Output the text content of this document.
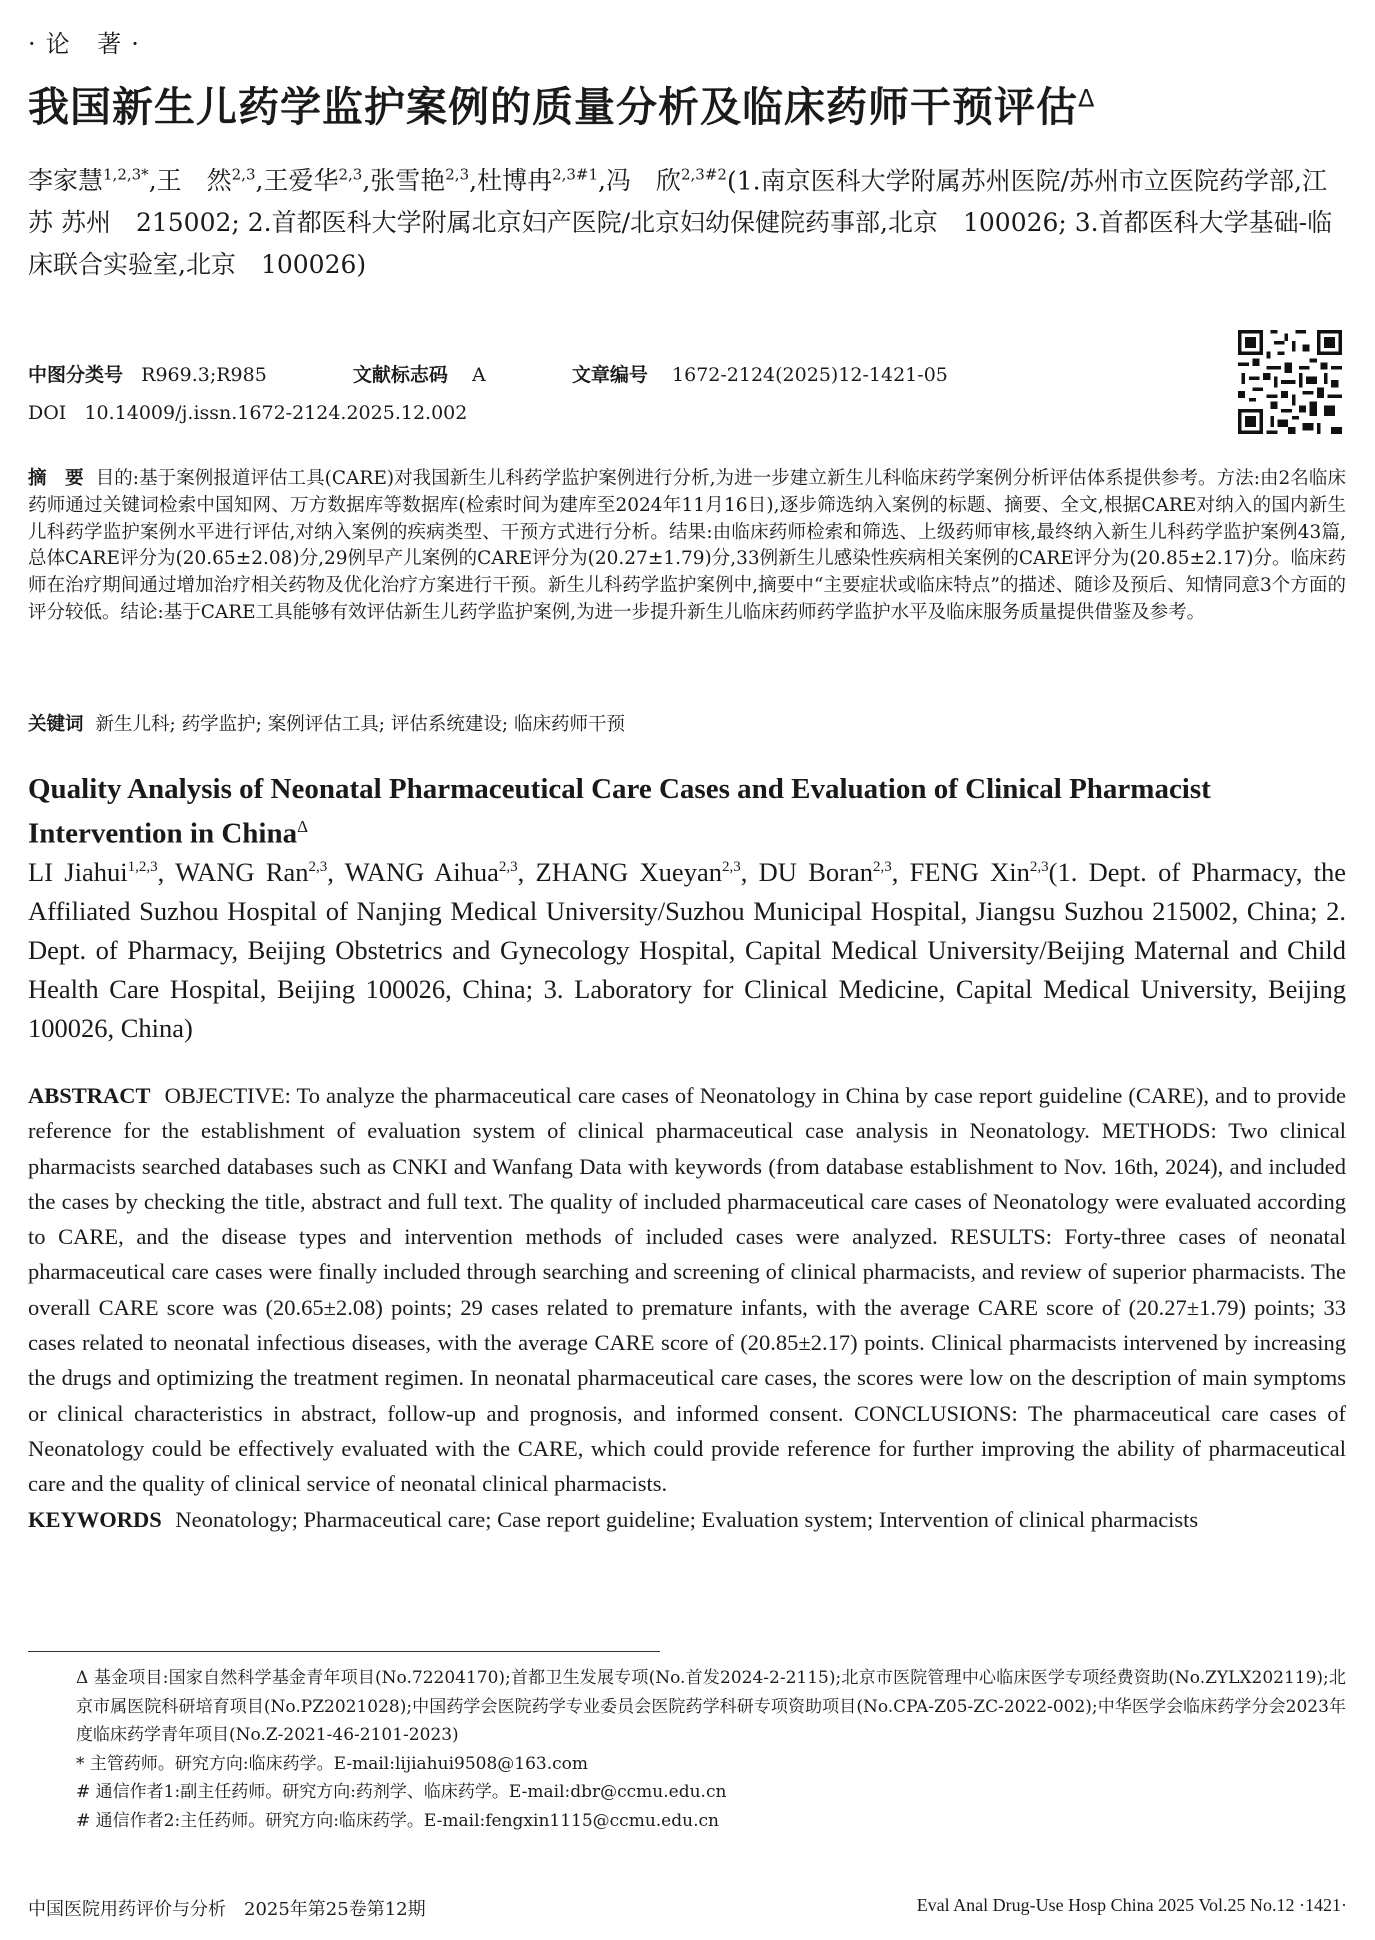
·论 著·
我国新生儿药学监护案例的质量分析及临床药师干预评估$^\Delta$
李家慧$^{1,2,3*}$,王　然$^{2,3}$,王爱华$^{2,3}$,张雪艳$^{2,3}$,杜博冉$^{2,3\#1}$,冯　欣$^{2,3\#2}$(1.南京医科大学附属苏州医院/苏州市立医院药学部,江苏 苏州　215002; 2.首都医科大学附属北京妇产医院/北京妇幼保健院药事部,北京　100026; 3.首都医科大学基础-临床联合实验室,北京　100026)
中图分类号 R969.3;R985	文献标志码 A	文章编号 1672-2124(2025)12-1421-05
DOI 10.14009/j.issn.1672-2124.2025.12.002
摘　要 目的:基于案例报道评估工具(CARE)对我国新生儿科药学监护案例进行分析,为进一步建立新生儿科临床药学案例分析评估体系提供参考。方法:由2名临床药师通过关键词检索中国知网、万方数据库等数据库(检索时间为建库至2024年11月16日),逐步筛选纳入案例的标题、摘要、全文,根据CARE对纳入的国内新生儿科药学监护案例水平进行评估,对纳入案例的疾病类型、干预方式进行分析。结果:由临床药师检索和筛选、上级药师审核,最终纳入新生儿科药学监护案例43篇,总体CARE评分为(20.65±2.08)分,29例早产儿案例的CARE评分为(20.27±1.79)分,33例新生儿感染性疾病相关案例的CARE评分为(20.85±2.17)分。临床药师在治疗期间通过增加治疗相关药物及优化治疗方案进行干预。新生儿科药学监护案例中,摘要中“主要症状或临床特点”的描述、随诊及预后、知情同意3个方面的评分较低。结论:基于CARE工具能够有效评估新生儿药学监护案例,为进一步提升新生儿临床药师药学监护水平及临床服务质量提供借鉴及参考。
关键词 新生儿科; 药学监护; 案例评估工具; 评估系统建设; 临床药师干预
Quality Analysis of Neonatal Pharmaceutical Care Cases and Evaluation of Clinical Pharmacist Intervention in China$^\Delta$
LI Jiahui$^{1,2,3}$, WANG Ran$^{2,3}$, WANG Aihua$^{2,3}$, ZHANG Xueyan$^{2,3}$, DU Boran$^{2,3}$, FENG Xin$^{2,3}$(1. Dept. of Pharmacy, the Affiliated Suzhou Hospital of Nanjing Medical University/Suzhou Municipal Hospital, Jiangsu Suzhou 215002, China; 2. Dept. of Pharmacy, Beijing Obstetrics and Gynecology Hospital, Capital Medical University/Beijing Maternal and Child Health Care Hospital, Beijing 100026, China; 3. Laboratory for Clinical Medicine, Capital Medical University, Beijing 100026, China)
ABSTRACT OBJECTIVE: To analyze the pharmaceutical care cases of Neonatology in China by case report guideline (CARE), and to provide reference for the establishment of evaluation system of clinical pharmaceutical case analysis in Neonatology. METHODS: Two clinical pharmacists searched databases such as CNKI and Wanfang Data with keywords (from database establishment to Nov. 16th, 2024), and included the cases by checking the title, abstract and full text. The quality of included pharmaceutical care cases of Neonatology were evaluated according to CARE, and the disease types and intervention methods of included cases were analyzed. RESULTS: Forty-three cases of neonatal pharmaceutical care cases were finally included through searching and screening of clinical pharmacists, and review of superior pharmacists. The overall CARE score was (20.65±2.08) points; 29 cases related to premature infants, with the average CARE score of (20.27±1.79) points; 33 cases related to neonatal infectious diseases, with the average CARE score of (20.85±2.17) points. Clinical pharmacists intervened by increasing the drugs and optimizing the treatment regimen. In neonatal pharmaceutical care cases, the scores were low on the description of main symptoms or clinical characteristics in abstract, follow-up and prognosis, and informed consent. CONCLUSIONS: The pharmaceutical care cases of Neonatology could be effectively evaluated with the CARE, which could provide reference for further improving the ability of pharmaceutical care and the quality of clinical service of neonatal clinical pharmacists.
KEYWORDS Neonatology; Pharmaceutical care; Case report guideline; Evaluation system; Intervention of clinical pharmacists
Δ 基金项目:国家自然科学基金青年项目(No.72204170);首都卫生发展专项(No.首发2024-2-2115);北京市医院管理中心临床医学专项经费资助(No.ZYLX202119);北京市属医院科研培育项目(No.PZ2021028);中国药学会医院药学专业委员会医院药学科研专项资助项目(No.CPA-Z05-ZC-2022-002);中华医学会临床药学分会2023年度临床药学青年项目(No.Z-2021-46-2101-2023)
* 主管药师。研究方向:临床药学。E-mail:lijiahui9508@163.com
# 通信作者1:副主任药师。研究方向:药剂学、临床药学。E-mail:dbr@ccmu.edu.cn
# 通信作者2:主任药师。研究方向:临床药学。E-mail:fengxin1115@ccmu.edu.cn
中国医院用药评价与分析　2025年第25卷第12期	Eval Anal Drug-Use Hosp China 2025 Vol.25 No.12 ·1421·
